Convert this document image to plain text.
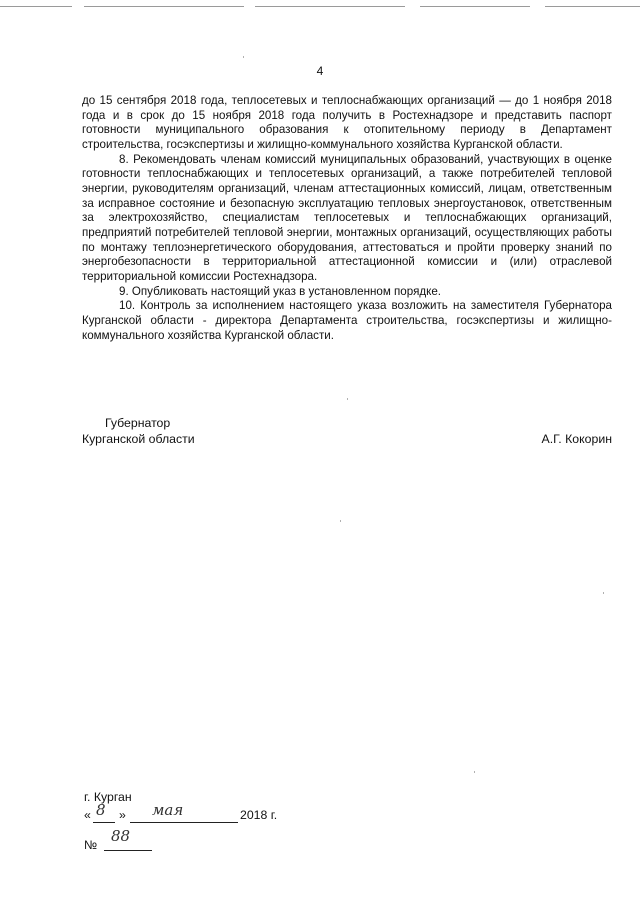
4

до 15 сентября 2018 года, теплосетевых и теплоснабжающих организаций — до 1 ноября 2018 года и в срок до 15 ноября 2018 года получить в Ростехнадзоре и представить паспорт готовности муниципального образования к отопительному периоду в Департамент строительства, госэкспертизы и жилищно-коммунального хозяйства Курганской области.

8. Рекомендовать членам комиссий муниципальных образований, участвующих в оценке готовности теплоснабжающих и теплосетевых организаций, а также потребителей тепловой энергии, руководителям организаций, членам аттестационных комиссий, лицам, ответственным за исправное состояние и безопасную эксплуатацию тепловых энергоустановок, ответственным за электрохозяйство, специалистам теплосетевых и теплоснабжающих организаций, предприятий потребителей тепловой энергии, монтажных организаций, осуществляющих работы по монтажу теплоэнергетического оборудования, аттестоваться и пройти проверку знаний по энергобезопасности в территориальной аттестационной комиссии и (или) отраслевой территориальной комиссии Ростехнадзора.

9. Опубликовать настоящий указ в установленном порядке.

10. Контроль за исполнением настоящего указа возложить на заместителя Губернатора Курганской области - директора Департамента строительства, госэкспертизы и жилищно-коммунального хозяйства Курганской области.

Губернатор
Курганской области	А.Г. Кокорин
г. Курган
« 8 » мая	2018 г.
№ 88
